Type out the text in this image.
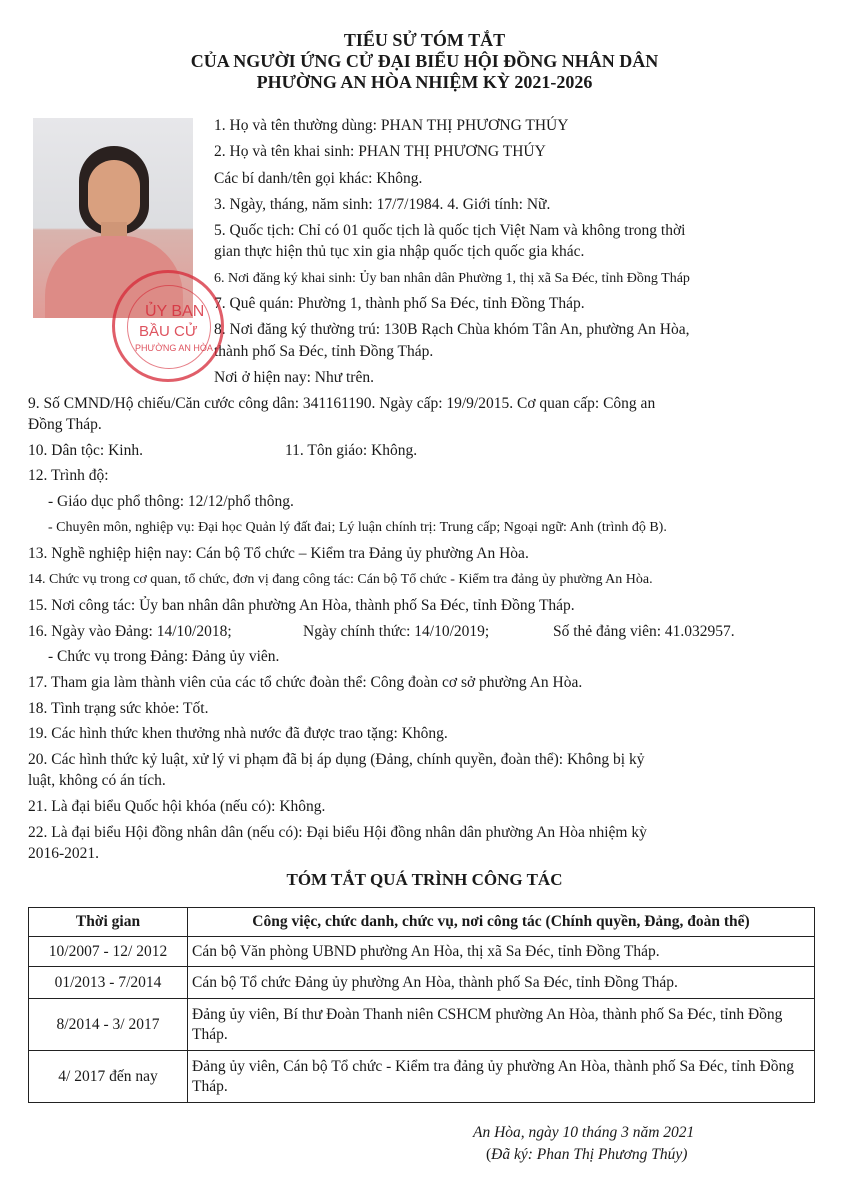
TIỂU SỬ TÓM TẮT
CỦA NGƯỜI ỨNG CỬ ĐẠI BIỂU HỘI ĐỒNG NHÂN DÂN
PHƯỜNG AN HÒA NHIỆM KỲ 2021-2026
1. Họ và tên thường dùng: PHAN THỊ PHƯƠNG THÚY
2. Họ và tên khai sinh: PHAN THỊ PHƯƠNG THÚY
Các bí danh/tên gọi khác: Không.
3. Ngày, tháng, năm sinh: 17/7/1984. 4. Giới tính: Nữ.
5. Quốc tịch: Chỉ có 01 quốc tịch là quốc tịch Việt Nam và không trong thời
gian thực hiện thủ tục xin gia nhập quốc tịch quốc gia khác.
6. Nơi đăng ký khai sinh: Ủy ban nhân dân Phường 1, thị xã Sa Đéc, tỉnh Đồng Tháp
7. Quê quán: Phường 1, thành phố Sa Đéc, tỉnh Đồng Tháp.
8. Nơi đăng ký thường trú: 130B Rạch Chùa khóm Tân An, phường An Hòa,
thành phố Sa Đéc, tỉnh Đồng Tháp.
Nơi ở hiện nay: Như trên.
ỦY BAN
BẦU CỬ
PHƯỜNG AN HÒA
9. Số CMND/Hộ chiếu/Căn cước công dân: 341161190. Ngày cấp: 19/9/2015. Cơ quan cấp: Công an
Đồng Tháp.
10. Dân tộc: Kinh.	11. Tôn giáo: Không.
12. Trình độ:
- Giáo dục phổ thông: 12/12/phổ thông.
- Chuyên môn, nghiệp vụ: Đại học Quản lý đất đai; Lý luận chính trị: Trung cấp; Ngoại ngữ: Anh (trình độ B).
13. Nghề nghiệp hiện nay: Cán bộ Tổ chức – Kiểm tra Đảng ủy phường An Hòa.
14. Chức vụ trong cơ quan, tổ chức, đơn vị đang công tác: Cán bộ Tổ chức - Kiểm tra đảng ủy phường An Hòa.
15. Nơi công tác: Ủy ban nhân dân phường An Hòa, thành phố Sa Đéc, tỉnh Đồng Tháp.
16. Ngày vào Đảng: 14/10/2018;	Ngày chính thức: 14/10/2019;	Số thẻ đảng viên: 41.032957.
- Chức vụ trong Đảng: Đảng ủy viên.
17. Tham gia làm thành viên của các tổ chức đoàn thể: Công đoàn cơ sở phường An Hòa.
18. Tình trạng sức khỏe: Tốt.
19. Các hình thức khen thưởng nhà nước đã được trao tặng: Không.
20. Các hình thức kỷ luật, xử lý vi phạm đã bị áp dụng (Đảng, chính quyền, đoàn thể): Không bị kỷ
luật, không có án tích.
21. Là đại biểu Quốc hội khóa (nếu có): Không.
22. Là đại biểu Hội đồng nhân dân (nếu có): Đại biểu Hội đồng nhân dân phường An Hòa nhiệm kỳ
2016-2021.
TÓM TẮT QUÁ TRÌNH CÔNG TÁC
Thời gian	Công việc, chức danh, chức vụ, nơi công tác (Chính quyền, Đảng, đoàn thể)
10/2007 - 12/ 2012	Cán bộ Văn phòng UBND phường An Hòa, thị xã Sa Đéc, tỉnh Đồng Tháp.
01/2013 - 7/2014	Cán bộ Tổ chức Đảng ủy phường An Hòa, thành phố Sa Đéc, tỉnh Đồng Tháp.
8/2014 - 3/ 2017	Đảng ủy viên, Bí thư Đoàn Thanh niên CSHCM phường An Hòa, thành phố Sa Đéc, tỉnh Đồng Tháp.
4/ 2017 đến nay	Đảng ủy viên, Cán bộ Tổ chức - Kiểm tra đảng ủy phường An Hòa, thành phố Sa Đéc, tỉnh Đồng Tháp.
An Hòa, ngày 10 tháng 3 năm 2021
(Đã ký: Phan Thị Phương Thúy)
